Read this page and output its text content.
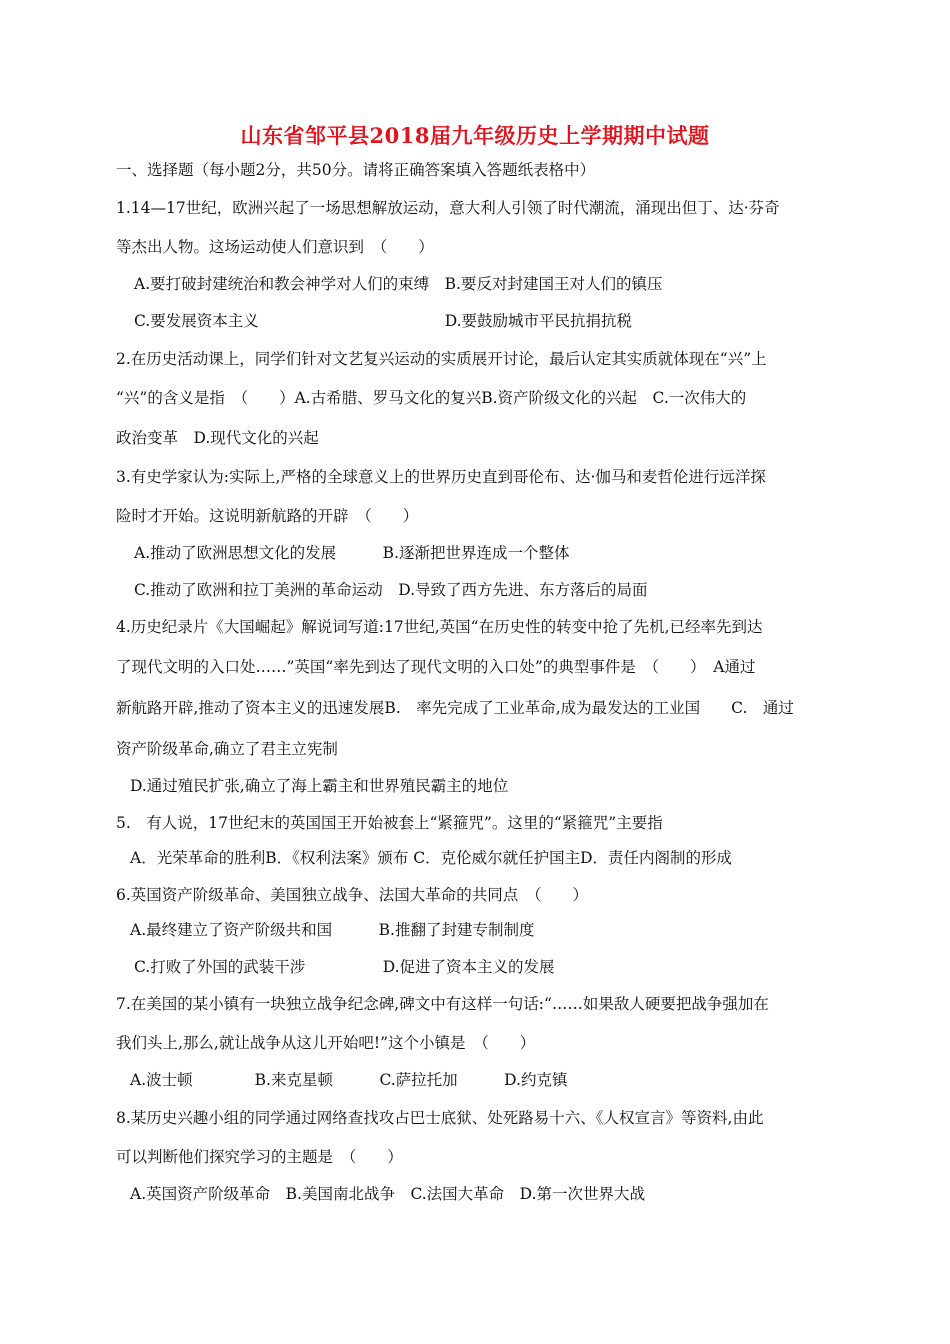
山东省邹平县2018届九年级历史上学期期中试题
一、选择题（每小题2分，共50分。请将正确答案填入答题纸表格中）
1.14—17世纪，欧洲兴起了一场思想解放运动，意大利人引领了时代潮流，涌现出但丁、达·芬奇
等杰出人物。这场运动使人们意识到　（　　）
A.要打破封建统治和教会神学对人们的束缚　B.要反对封建国王对人们的镇压
C.要发展资本主义　　　　　　　　　　　　D.要鼓励城市平民抗捐抗税
2.在历史活动课上，同学们针对文艺复兴运动的实质展开讨论，最后认定其实质就体现在“兴”上
“兴”的含义是指　（　　）A.古希腊、罗马文化的复兴B.资产阶级文化的兴起　C.一次伟大的
政治变革　D.现代文化的兴起
3.有史学家认为:实际上,严格的全球意义上的世界历史直到哥伦布、达·伽马和麦哲伦进行远洋探
险时才开始。这说明新航路的开辟　（　　）
A.推动了欧洲思想文化的发展　　　B.逐渐把世界连成一个整体
C.推动了欧洲和拉丁美洲的革命运动　D.导致了西方先进、东方落后的局面
4.历史纪录片《大国崛起》解说词写道:17世纪,英国“在历史性的转变中抢了先机,已经率先到达
了现代文明的入口处……”英国“率先到达了现代文明的入口处”的典型事件是　（　　）　A通过
新航路开辟,推动了资本主义的迅速发展B.　率先完成了工业革命,成为最发达的工业国　　C.　通过
资产阶级革命,确立了君主立宪制
D.通过殖民扩张,确立了海上霸主和世界殖民霸主的地位
5.　有人说，17世纪末的英国国王开始被套上“紧箍咒”。这里的“紧箍咒”主要指
A．光荣革命的胜利B．《权利法案》颁布 C．克伦威尔就任护国主D．责任内阁制的形成
6.英国资产阶级革命、美国独立战争、法国大革命的共同点　（　　）
A.最终建立了资产阶级共和国　　　B.推翻了封建专制制度
C.打败了外国的武装干涉　　　　　D.促进了资本主义的发展
7.在美国的某小镇有一块独立战争纪念碑,碑文中有这样一句话:“……如果敌人硬要把战争强加在
我们头上,那么,就让战争从这儿开始吧!”这个小镇是　（　　）
A.波士顿　　　　B.来克星顿　　　C.萨拉托加　　　D.约克镇
8.某历史兴趣小组的同学通过网络查找攻占巴士底狱、处死路易十六、《人权宣言》等资料,由此
可以判断他们探究学习的主题是　（　　）
A.英国资产阶级革命　B.美国南北战争　C.法国大革命　D.第一次世界大战
